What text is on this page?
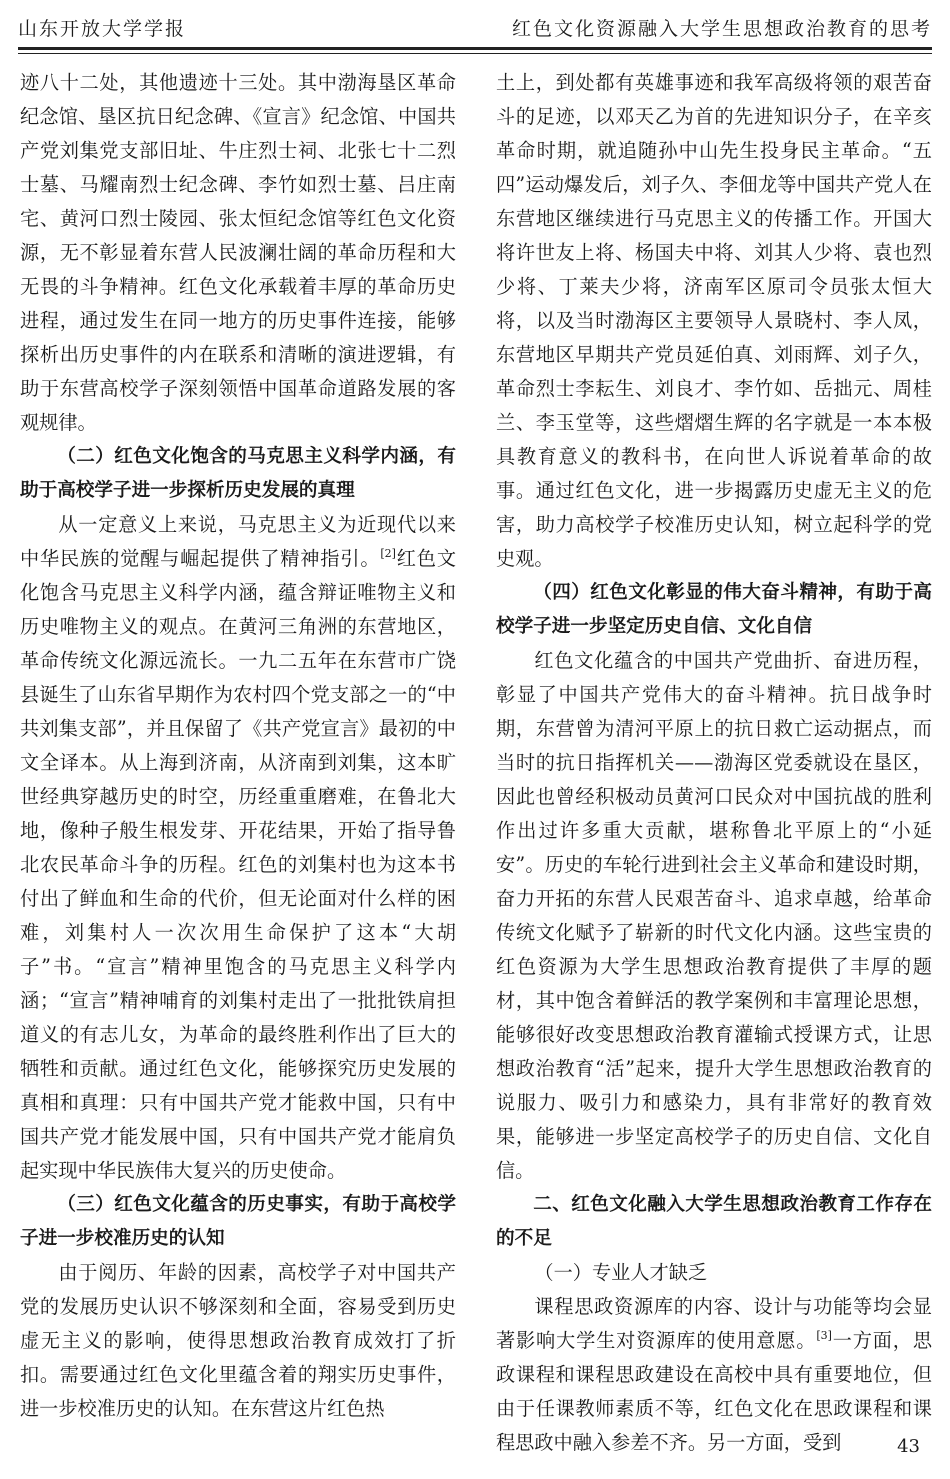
山东开放大学学报	红色文化资源融入大学生思想政治教育的思考

迹八十二处，其他遗迹十三处。其中渤海垦区革命纪念馆、垦区抗日纪念碑、《宣言》纪念馆、中国共产党刘集党支部旧址、牛庄烈士祠、北张七十二烈士墓、马耀南烈士纪念碑、李竹如烈士墓、吕庄南宅、黄河口烈士陵园、张太恒纪念馆等红色文化资源，无不彰显着东营人民波澜壮阔的革命历程和大无畏的斗争精神。红色文化承载着丰厚的革命历史进程，通过发生在同一地方的历史事件连接，能够探析出历史事件的内在联系和清晰的演进逻辑，有助于东营高校学子深刻领悟中国革命道路发展的客观规律。

（二）红色文化饱含的马克思主义科学内涵，有助于高校学子进一步探析历史发展的真理

从一定意义上来说，马克思主义为近现代以来中华民族的觉醒与崛起提供了精神指引。[2]红色文化饱含马克思主义科学内涵，蕴含辩证唯物主义和历史唯物主义的观点。在黄河三角洲的东营地区，革命传统文化源远流长。一九二五年在东营市广饶县诞生了山东省早期作为农村四个党支部之一的“中共刘集支部”，并且保留了《共产党宣言》最初的中文全译本。从上海到济南，从济南到刘集，这本旷世经典穿越历史的时空，历经重重磨难，在鲁北大地，像种子般生根发芽、开花结果，开始了指导鲁北农民革命斗争的历程。红色的刘集村也为这本书付出了鲜血和生命的代价，但无论面对什么样的困难，刘集村人一次次用生命保护了这本“大胡子”书。“宣言”精神里饱含的马克思主义科学内涵；“宣言”精神哺育的刘集村走出了一批批铁肩担道义的有志儿女，为革命的最终胜利作出了巨大的牺牲和贡献。通过红色文化，能够探究历史发展的真相和真理：只有中国共产党才能救中国，只有中国共产党才能发展中国，只有中国共产党才能肩负起实现中华民族伟大复兴的历史使命。

（三）红色文化蕴含的历史事实，有助于高校学子进一步校准历史的认知

由于阅历、年龄的因素，高校学子对中国共产党的发展历史认识不够深刻和全面，容易受到历史虚无主义的影响，使得思想政治教育成效打了折扣。需要通过红色文化里蕴含着的翔实历史事件，进一步校准历史的认知。在东营这片红色热

土上，到处都有英雄事迹和我军高级将领的艰苦奋斗的足迹，以邓天乙为首的先进知识分子，在辛亥革命时期，就追随孙中山先生投身民主革命。“五四”运动爆发后，刘子久、李佃龙等中国共产党人在东营地区继续进行马克思主义的传播工作。开国大将许世友上将、杨国夫中将、刘其人少将、袁也烈少将、丁莱夫少将，济南军区原司令员张太恒大将，以及当时渤海区主要领导人景晓村、李人凤，东营地区早期共产党员延伯真、刘雨辉、刘子久，革命烈士李耘生、刘良才、李竹如、岳拙元、周桂兰、李玉堂等，这些熠熠生辉的名字就是一本本极具教育意义的教科书，在向世人诉说着革命的故事。通过红色文化，进一步揭露历史虚无主义的危害，助力高校学子校准历史认知，树立起科学的党史观。

（四）红色文化彰显的伟大奋斗精神，有助于高校学子进一步坚定历史自信、文化自信

红色文化蕴含的中国共产党曲折、奋进历程，彰显了中国共产党伟大的奋斗精神。抗日战争时期，东营曾为清河平原上的抗日救亡运动据点，而当时的抗日指挥机关——渤海区党委就设在垦区，因此也曾经积极动员黄河口民众对中国抗战的胜利作出过许多重大贡献，堪称鲁北平原上的“小延安”。历史的车轮行进到社会主义革命和建设时期，奋力开拓的东营人民艰苦奋斗、追求卓越，给革命传统文化赋予了崭新的时代文化内涵。这些宝贵的红色资源为大学生思想政治教育提供了丰厚的题材，其中饱含着鲜活的教学案例和丰富理论思想，能够很好改变思想政治教育灌输式授课方式，让思想政治教育“活”起来，提升大学生思想政治教育的说服力、吸引力和感染力，具有非常好的教育效果，能够进一步坚定高校学子的历史自信、文化自信。

二、红色文化融入大学生思想政治教育工作存在的不足

（一）专业人才缺乏

课程思政资源库的内容、设计与功能等均会显著影响大学生对资源库的使用意愿。[3]一方面，思政课程和课程思政建设在高校中具有重要地位，但由于任课教师素质不等，红色文化在思政课程和课程思政中融入参差不齐。另一方面，受到	43
